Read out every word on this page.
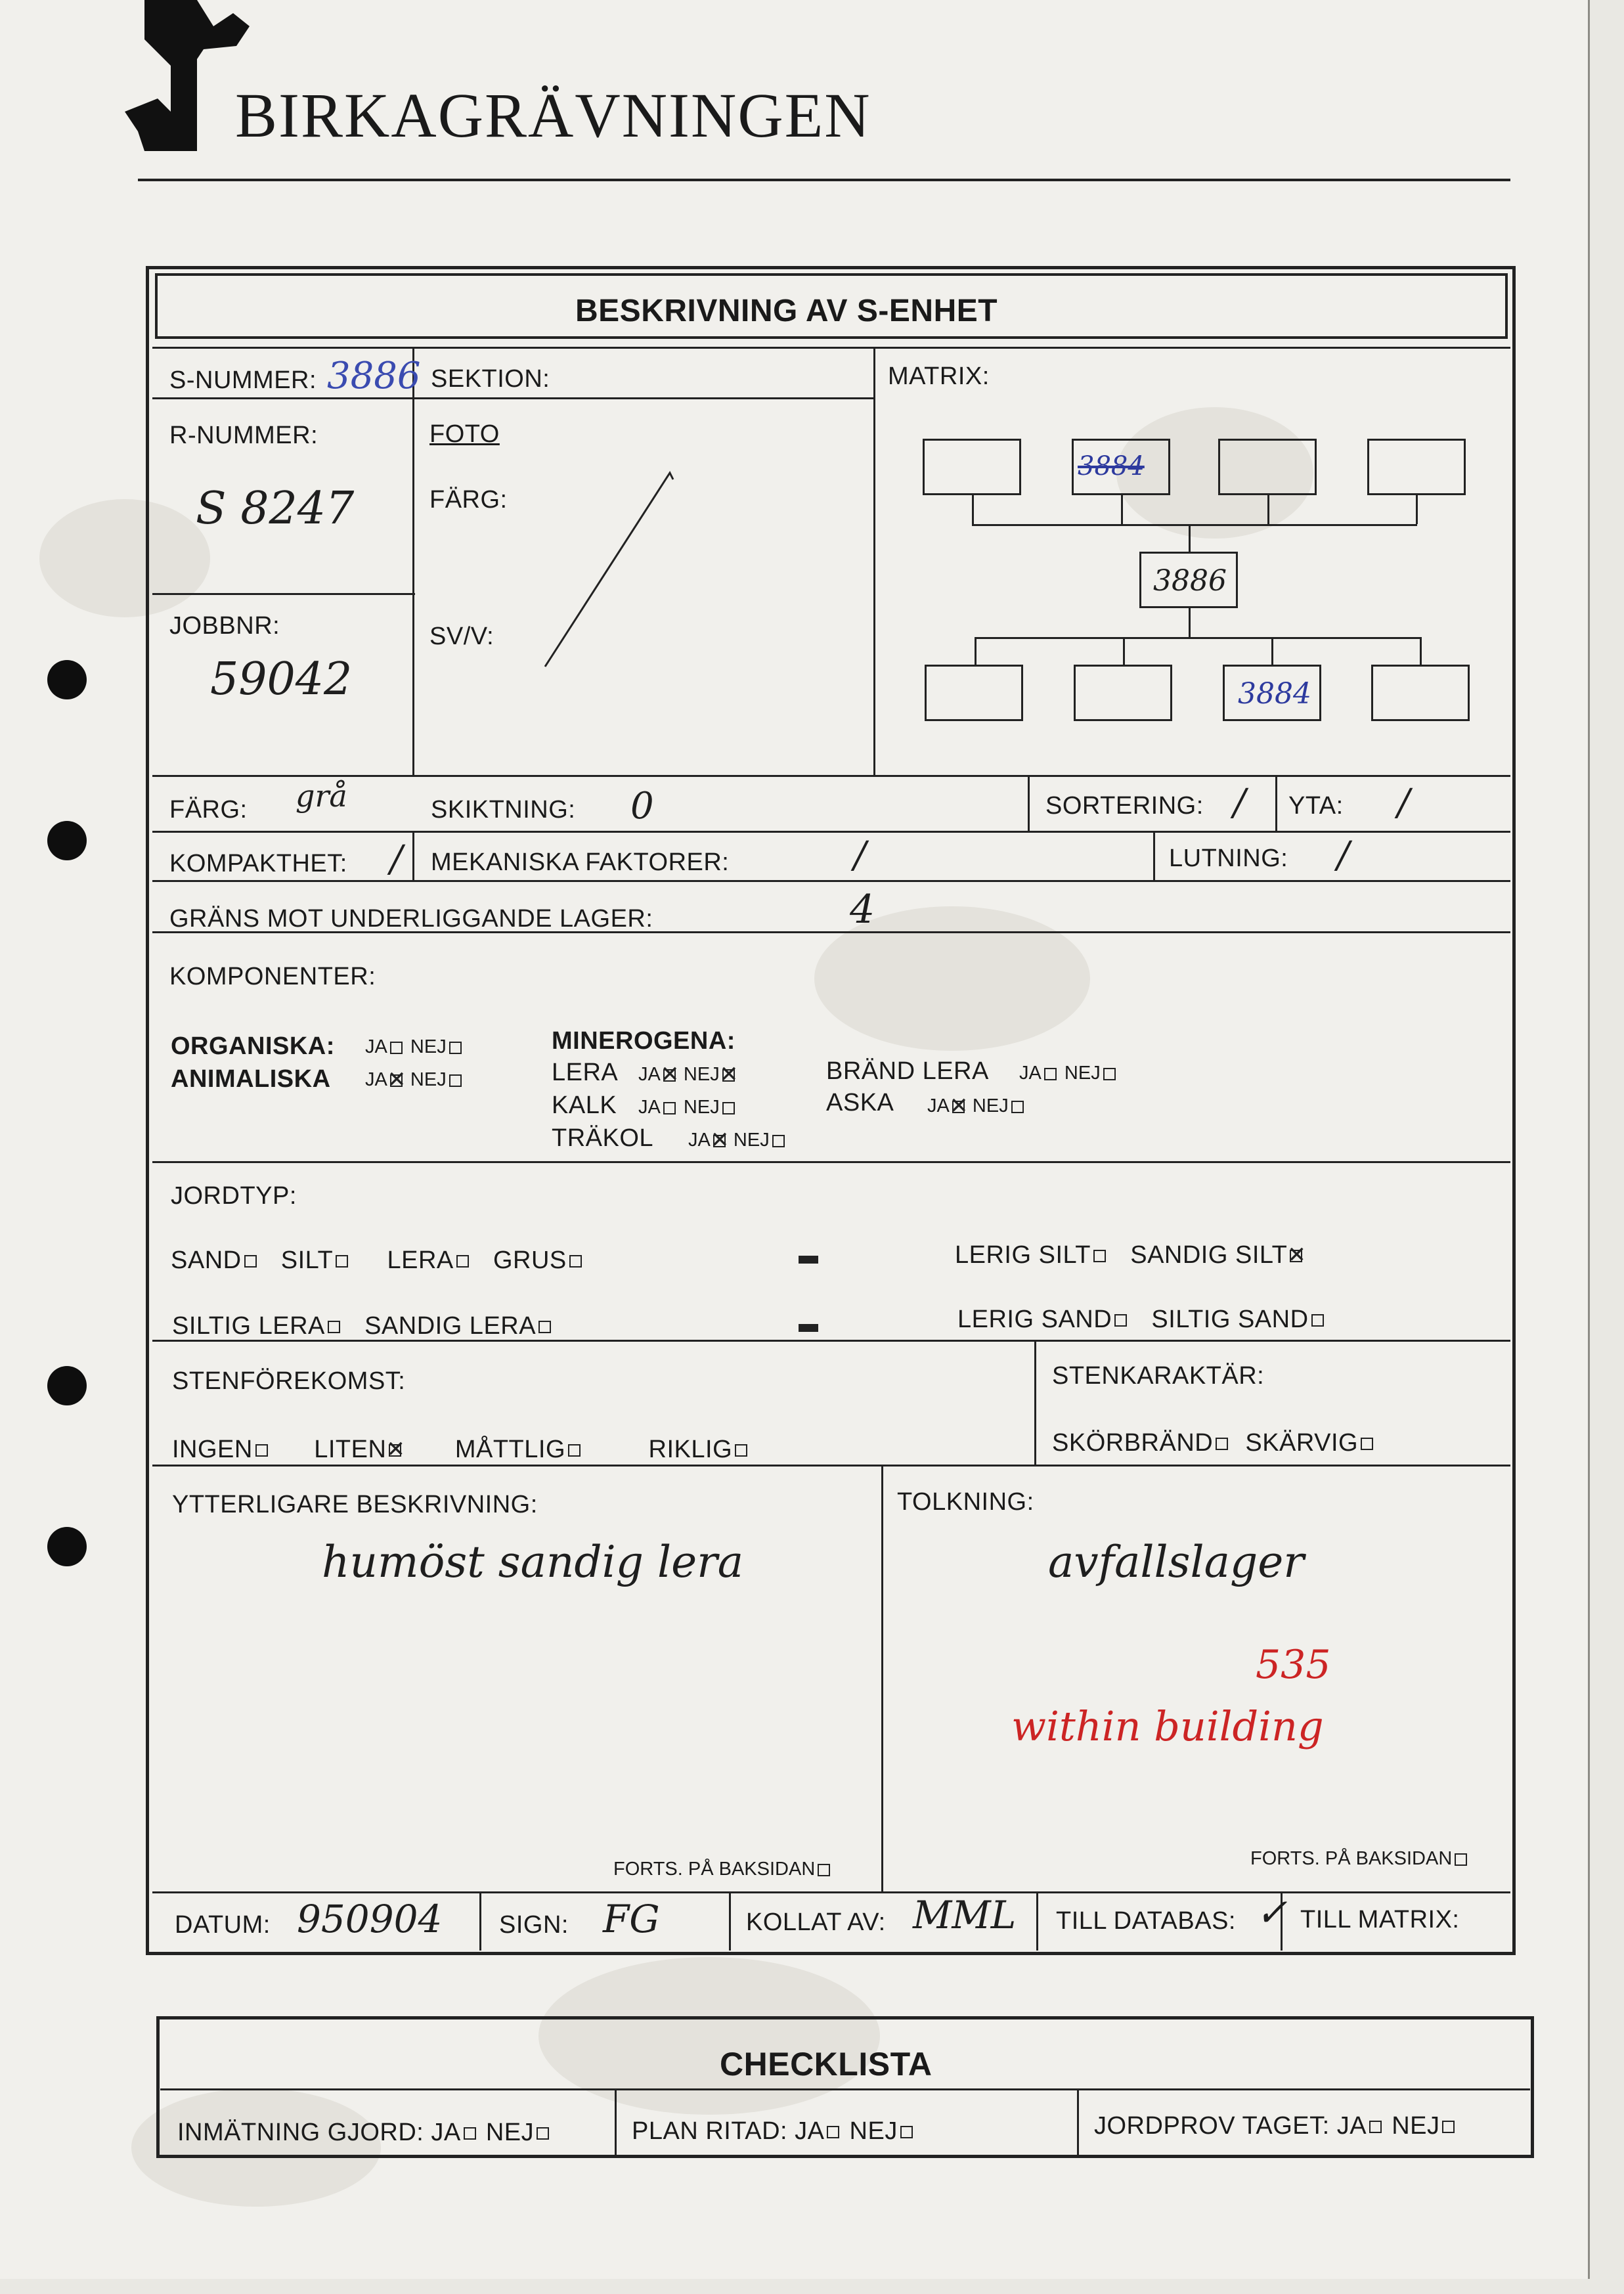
BIRKAGRÄVNINGEN
BESKRIVNING AV S-ENHET
S-NUMMER: 3886 SEKTION:	MATRIX:
R-NUMMER:
S 8247
FOTO
FÄRG:
SV/V:
JOBBNR:
59042
3884
3886
3884
FÄRG: grå	SKIKTNING: 0	SORTERING: / YTA: /
KOMPAKTHET: / MEKANISKA FAKTORER:	/	LUTNING: /
GRÄNS MOT UNDERLIGGANDE LAGER:	4
KOMPONENTER:
ORGANISKA: JA NEJ
ANIMALISKA JA ✕ NEJ
MINEROGENA:
LERA JA ✕ NEJ ✕	BRÄND LERA JA NEJ
KALK JA NEJ	ASKA JA ✕ NEJ
TRÄKOL JA ✕ NEJ
JORDTYP:
SAND SILT LERA GRUS	LERIG SILT SANDIG SILT✕
SILTIG LERA SANDIG LERA	LERIG SAND SILTIG SAND
STENFÖREKOMST:
INGEN LITEN ✕	MÅTTLIG	RIKLIG
STENKARAKTÄR:
SKÖRBRÄND SKÄRVIG
YTTERLIGARE BESKRIVNING:
humöst sandig lera
FORTS. PÅ BAKSIDAN
TOLKNING:
avfallslager
535
within building
FORTS. PÅ BAKSIDAN
DATUM: 950904 SIGN: FG	KOLLAT AV: MML TILL DATABAS: ✓ TILL MATRIX:
CHECKLISTA
INMÄTNING GJORD: JA NEJ	PLAN RITAD: JA NEJ	JORDPROV TAGET: JA NEJ
